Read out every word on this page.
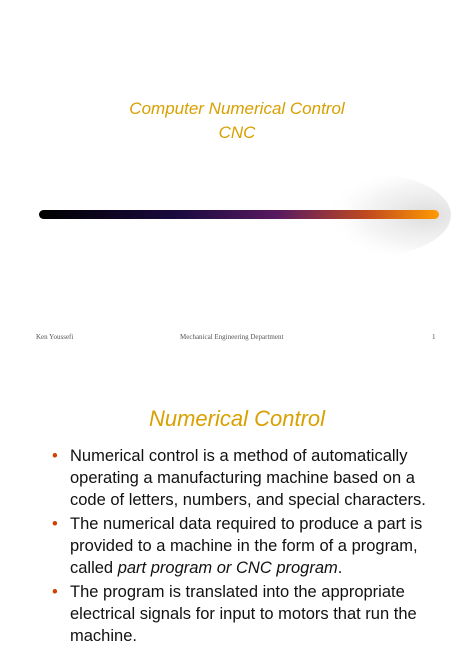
Computer Numerical Control
CNC
Ken Youssefi	Mechanical Engineering Department	1
Numerical Control
• Numerical control is a method of automatically operating a manufacturing machine based on a code of letters, numbers, and special characters.
• The numerical data required to produce a part is provided to a machine in the form of a program, called part program or CNC program.
• The program is translated into the appropriate electrical signals for input to motors that run the machine.
